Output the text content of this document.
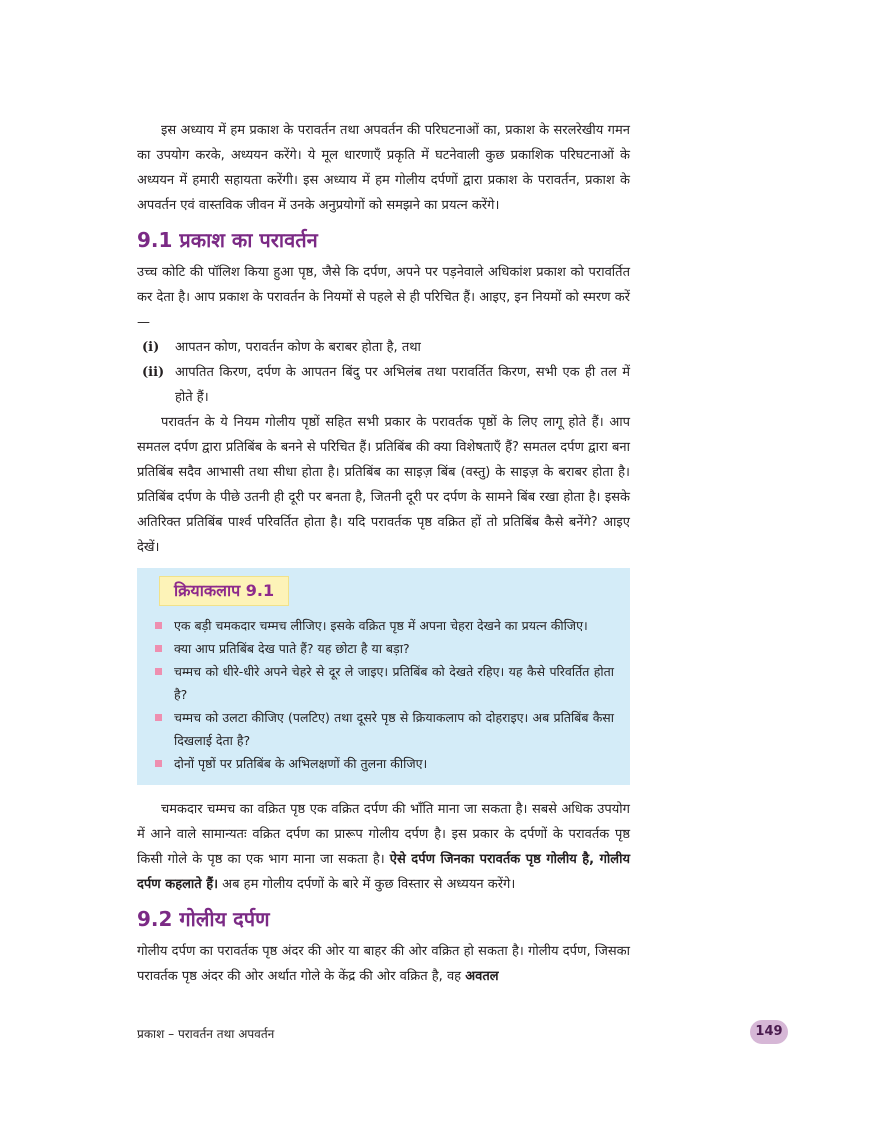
इस अध्याय में हम प्रकाश के परावर्तन तथा अपवर्तन की परिघटनाओं का, प्रकाश के सरलरेखीय गमन का उपयोग करके, अध्ययन करेंगे। ये मूल धारणाएँ प्रकृति में घटनेवाली कुछ प्रकाशिक परिघटनाओं के अध्ययन में हमारी सहायता करेंगी। इस अध्याय में हम गोलीय दर्पणों द्वारा प्रकाश के परावर्तन, प्रकाश के अपवर्तन एवं वास्तविक जीवन में उनके अनुप्रयोगों को समझने का प्रयत्न करेंगे।

9.1 प्रकाश का परावर्तन

उच्च कोटि की पॉलिश किया हुआ पृष्ठ, जैसे कि दर्पण, अपने पर पड़नेवाले अधिकांश प्रकाश को परावर्तित कर देता है। आप प्रकाश के परावर्तन के नियमों से पहले से ही परिचित हैं। आइए, इन नियमों को स्मरण करें—

(i) आपतन कोण, परावर्तन कोण के बराबर होता है, तथा
(ii) आपतित किरण, दर्पण के आपतन बिंदु पर अभिलंब तथा परावर्तित किरण, सभी एक ही तल में होते हैं।

परावर्तन के ये नियम गोलीय पृष्ठों सहित सभी प्रकार के परावर्तक पृष्ठों के लिए लागू होते हैं। आप समतल दर्पण द्वारा प्रतिबिंब के बनने से परिचित हैं। प्रतिबिंब की क्या विशेषताएँ हैं? समतल दर्पण द्वारा बना प्रतिबिंब सदैव आभासी तथा सीधा होता है। प्रतिबिंब का साइज़ बिंब (वस्तु) के साइज़ के बराबर होता है। प्रतिबिंब दर्पण के पीछे उतनी ही दूरी पर बनता है, जितनी दूरी पर दर्पण के सामने बिंब रखा होता है। इसके अतिरिक्त प्रतिबिंब पार्श्व परिवर्तित होता है। यदि परावर्तक पृष्ठ वक्रित हों तो प्रतिबिंब कैसे बनेंगे? आइए देखें।

क्रियाकलाप 9.1
एक बड़ी चमकदार चम्मच लीजिए। इसके वक्रित पृष्ठ में अपना चेहरा देखने का प्रयत्न कीजिए।
क्या आप प्रतिबिंब देख पाते हैं? यह छोटा है या बड़ा?
चम्मच को धीरे-धीरे अपने चेहरे से दूर ले जाइए। प्रतिबिंब को देखते रहिए। यह कैसे परिवर्तित होता है?
चम्मच को उलटा कीजिए (पलटिए) तथा दूसरे पृष्ठ से क्रियाकलाप को दोहराइए। अब प्रतिबिंब कैसा दिखलाई देता है?
दोनों पृष्ठों पर प्रतिबिंब के अभिलक्षणों की तुलना कीजिए।

चमकदार चम्मच का वक्रित पृष्ठ एक वक्रित दर्पण की भाँति माना जा सकता है। सबसे अधिक उपयोग में आने वाले सामान्यतः वक्रित दर्पण का प्रारूप गोलीय दर्पण है। इस प्रकार के दर्पणों के परावर्तक पृष्ठ किसी गोले के पृष्ठ का एक भाग माना जा सकता है। ऐसे दर्पण जिनका परावर्तक पृष्ठ गोलीय है, गोलीय दर्पण कहलाते हैं। अब हम गोलीय दर्पणों के बारे में कुछ विस्तार से अध्ययन करेंगे।

9.2 गोलीय दर्पण

गोलीय दर्पण का परावर्तक पृष्ठ अंदर की ओर या बाहर की ओर वक्रित हो सकता है। गोलीय दर्पण, जिसका परावर्तक पृष्ठ अंदर की ओर अर्थात गोले के केंद्र की ओर वक्रित है, वह अवतल

प्रकाश – परावर्तन तथा अपवर्तन	149
